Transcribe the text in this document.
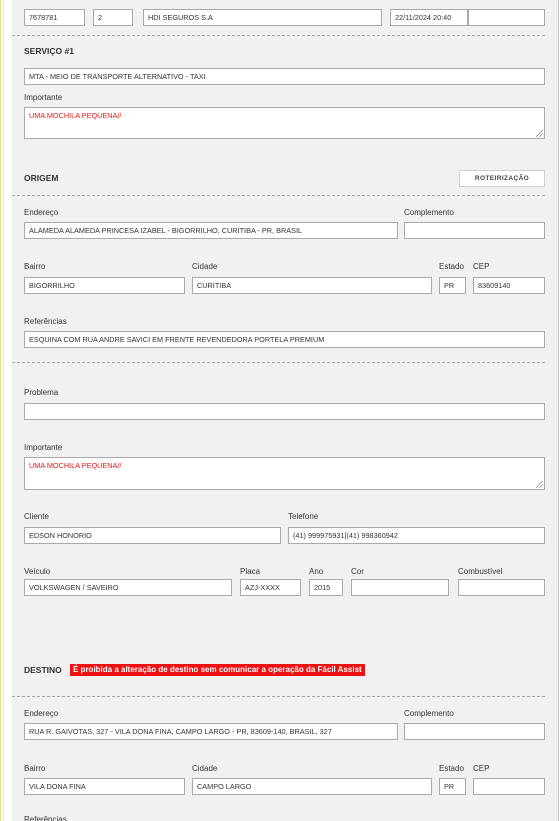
7678781	2	HDI SEGUROS S.A	22/11/2024 20:40
SERVIÇO #1
MTA - MEIO DE TRANSPORTE ALTERNATIVO - TAXI
Importante
UMA MOCHILA PEQUENA//
ORIGEM	ROTEIRIZAÇÃO
Endereço	Complemento
ALAMEDA ALAMEDA PRINCESA IZABEL - BIGORRILHO, CURITIBA - PR, BRASIL
Bairro	Cidade	Estado CEP
BIGORRILHO	CURITIBA	PR	83609140
Referências
ESQUINA COM RUA ANDRE SAVICI EM FRENTE REVENDEDORA PORTELA PREMIUM
Problema
Importante
UMA MOCHILA PEQUENA//
Cliente	Telefone
EDSON HONORIO	(41) 999975931|(41) 998360942
Veículo	Placa	Ano	Cor	Combustível
VOLKSWAGEN / SAVEIRO	AZJ-XXXX	2015
DESTINO	É proibida a alteração de destino sem comunicar a operação da Fácil Assist
Endereço	Complemento
RUA R. GAIVOTAS, 327 - VILA DONA FINA, CAMPO LARGO - PR, 83609-140, BRASIL, 327
Bairro	Cidade	Estado CEP
VILA DONA FINA	CAMPO LARGO	PR
Referências
